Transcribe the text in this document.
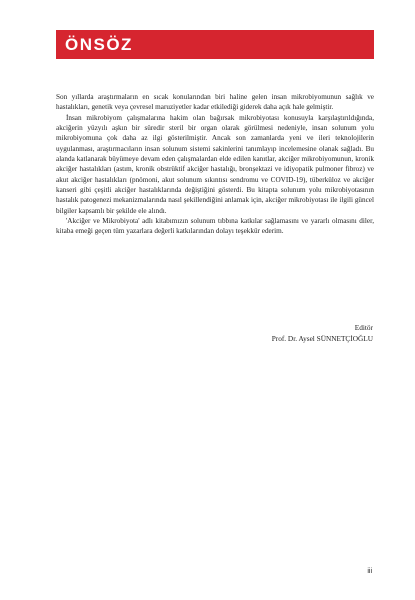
ÖNSÖZ

Son yıllarda araştırmaların en sıcak konularından biri haline gelen insan mikrobiyomunun sağlık ve hastalıkları, genetik veya çevresel maruziyetler kadar etkilediği giderek daha açık hale gelmiştir.

İnsan mikrobiyom çalışmalarına hakim olan bağırsak mikrobiyotası konusuyla karşılaştırıldığında, akciğerin yüzyılı aşkın bir süredir steril bir organ olarak görülmesi nedeniyle, insan solunum yolu mikrobiyomuna çok daha az ilgi gösterilmiştir. Ancak son zamanlarda yeni ve ileri teknolojilerin uygulanması, araştırmacıların insan solunum sistemi sakinlerini tanımlayıp incelemesine olanak sağladı. Bu alanda katlanarak büyümeye devam eden çalışmalardan elde edilen kanıtlar, akciğer mikrobiyomunun, kronik akciğer hastalıkları (astım, kronik obstrüktif akciğer hastalığı, bronşektazi ve idiyopatik pulmoner fibroz) ve akut akciğer hastalıkları (pnömoni, akut solunum sıkıntısı sendromu ve COVID-19), tüberküloz ve akciğer kanseri gibi çeşitli akciğer hastalıklarında değiştiğini gösterdi. Bu kitapta solunum yolu mikrobiyotasının hastalık patogenezi mekanizmalarında nasıl şekillendiğini anlamak için, akciğer mikrobiyotası ile ilgili güncel bilgiler kapsamlı bir şekilde ele alındı.

'Akciğer ve Mikrobiyota' adlı kitabımızın solunum tıbbına katkılar sağlamasını ve yararlı olmasını diler, kitaba emeği geçen tüm yazarlara değerli katkılarından dolayı teşekkür ederim.

Editör
Prof. Dr. Aysel SÜNNETÇİOĞLU
iii
